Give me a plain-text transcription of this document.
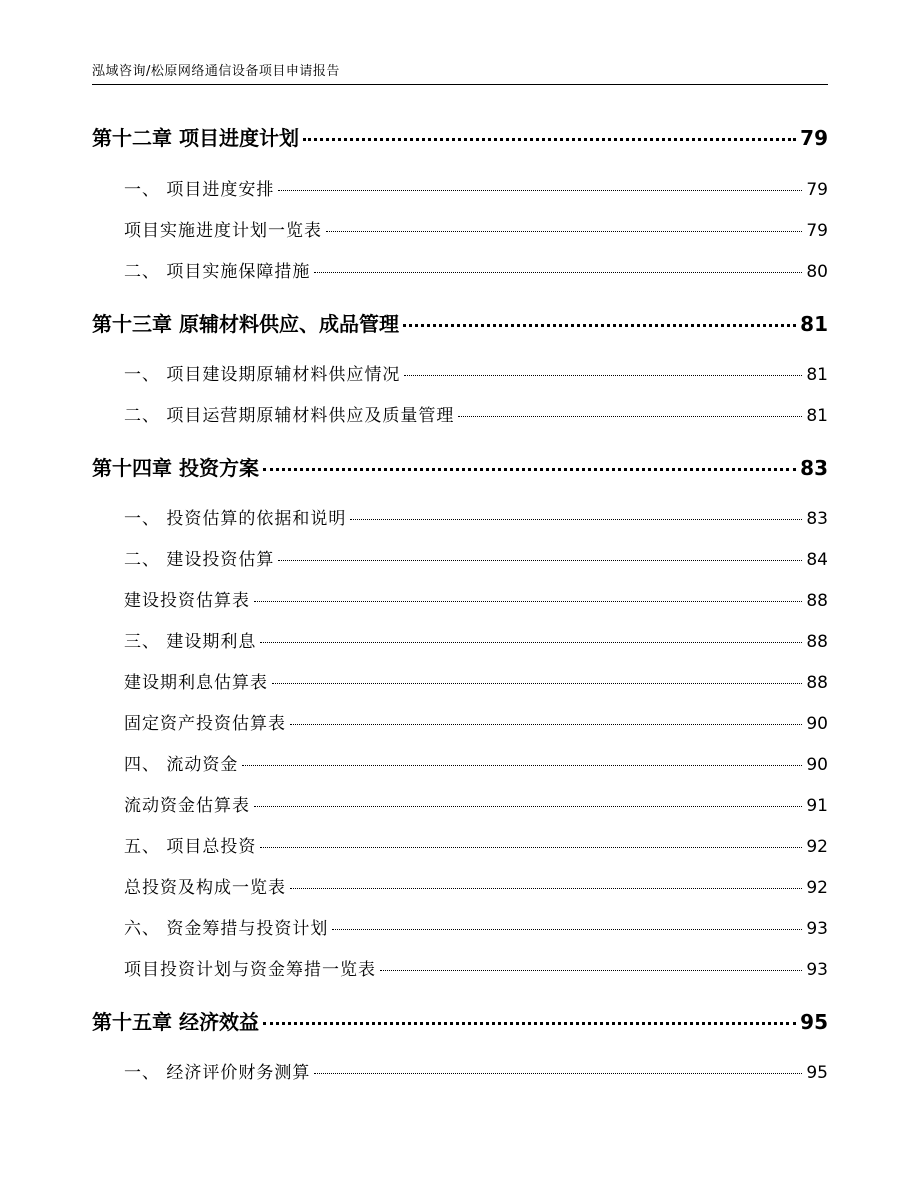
泓域咨询/松原网络通信设备项目申请报告
第十二章 项目进度计划	79
一、 项目进度安排	79
项目实施进度计划一览表	79
二、 项目实施保障措施	80
第十三章 原辅材料供应、成品管理	81
一、 项目建设期原辅材料供应情况	81
二、 项目运营期原辅材料供应及质量管理	81
第十四章 投资方案	83
一、 投资估算的依据和说明	83
二、 建设投资估算	84
建设投资估算表	88
三、 建设期利息	88
建设期利息估算表	88
固定资产投资估算表	90
四、 流动资金	90
流动资金估算表	91
五、 项目总投资	92
总投资及构成一览表	92
六、 资金筹措与投资计划	93
项目投资计划与资金筹措一览表	93
第十五章 经济效益	95
一、 经济评价财务测算	95
